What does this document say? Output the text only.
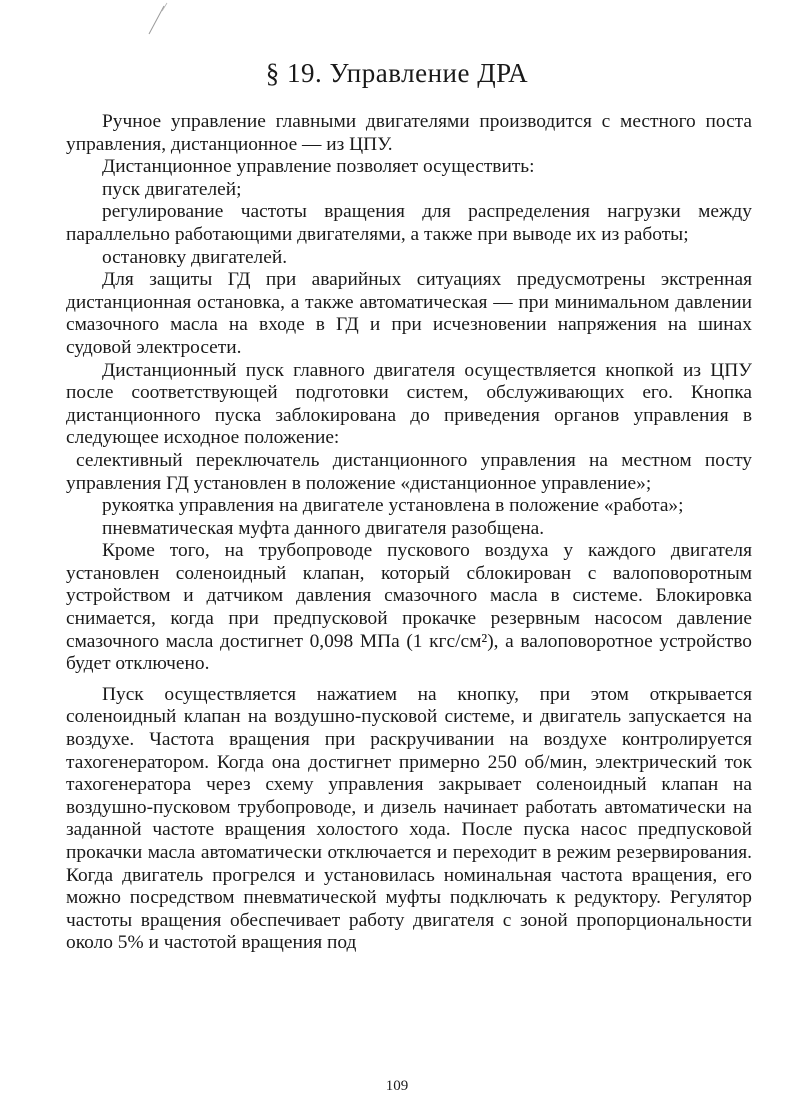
§ 19. Управление ДРА

Ручное управление главными двигателями производится с местного поста управления, дистанционное — из ЦПУ.

Дистанционное управление позволяет осуществить:

пуск двигателей;

регулирование частоты вращения для распределения нагрузки между параллельно работающими двигателями, а также при выводе их из работы;

остановку двигателей.

Для защиты ГД при аварийных ситуациях предусмотрены экстренная дистанционная остановка, а также автоматическая — при минимальном давлении смазочного масла на входе в ГД и при исчезновении напряжения на шинах судовой электросети.

Дистанционный пуск главного двигателя осуществляется кнопкой из ЦПУ после соответствующей подготовки систем, обслуживающих его. Кнопка дистанционного пуска заблокирована до приведения органов управления в следующее исходное положение:

селективный переключатель дистанционного управления на местном посту управления ГД установлен в положение «дистанционное управление»;

рукоятка управления на двигателе установлена в положение «работа»;

пневматическая муфта данного двигателя разобщена.

Кроме того, на трубопроводе пускового воздуха у каждого двигателя установлен соленоидный клапан, который сблокирован с валоповоротным устройством и датчиком давления смазочного масла в системе. Блокировка снимается, когда при предпусковой прокачке резервным насосом давление смазочного масла достигнет 0,098 МПа (1 кгс/см²), а валоповоротное устройство будет отключено.

Пуск осуществляется нажатием на кнопку, при этом открывается соленоидный клапан на воздушно-пусковой системе, и двигатель запускается на воздухе. Частота вращения при раскручивании на воздухе контролируется тахогенератором. Когда она достигнет примерно 250 об/мин, электрический ток тахогенератора через схему управления закрывает соленоидный клапан на воздушно-пусковом трубопроводе, и дизель начинает работать автоматически на заданной частоте вращения холостого хода. После пуска насос предпусковой прокачки масла автоматически отключается и переходит в режим резервирования. Когда двигатель прогрелся и установилась номинальная частота вращения, его можно посредством пневматической муфты подключать к редуктору. Регулятор частоты вращения обеспечивает работу двигателя с зоной пропорциональности около 5% и частотой вращения под

109
